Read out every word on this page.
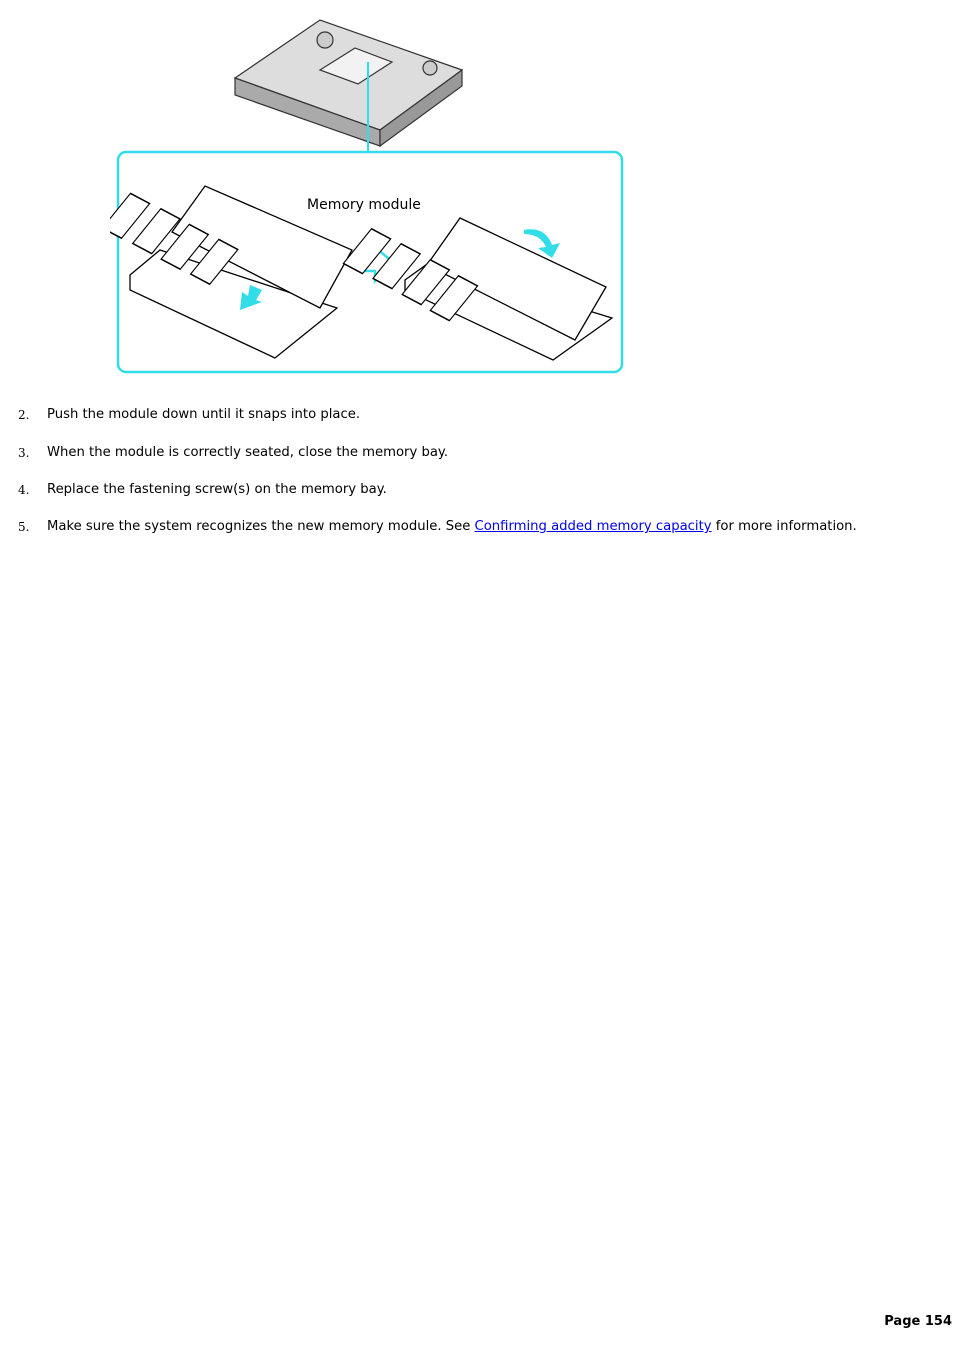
Memory module
2. Push the module down until it snaps into place.
3. When the module is correctly seated, close the memory bay.
4. Replace the fastening screw(s) on the memory bay.
5. Make sure the system recognizes the new memory module. See Confirming added memory capacity for more information.
Page 154
